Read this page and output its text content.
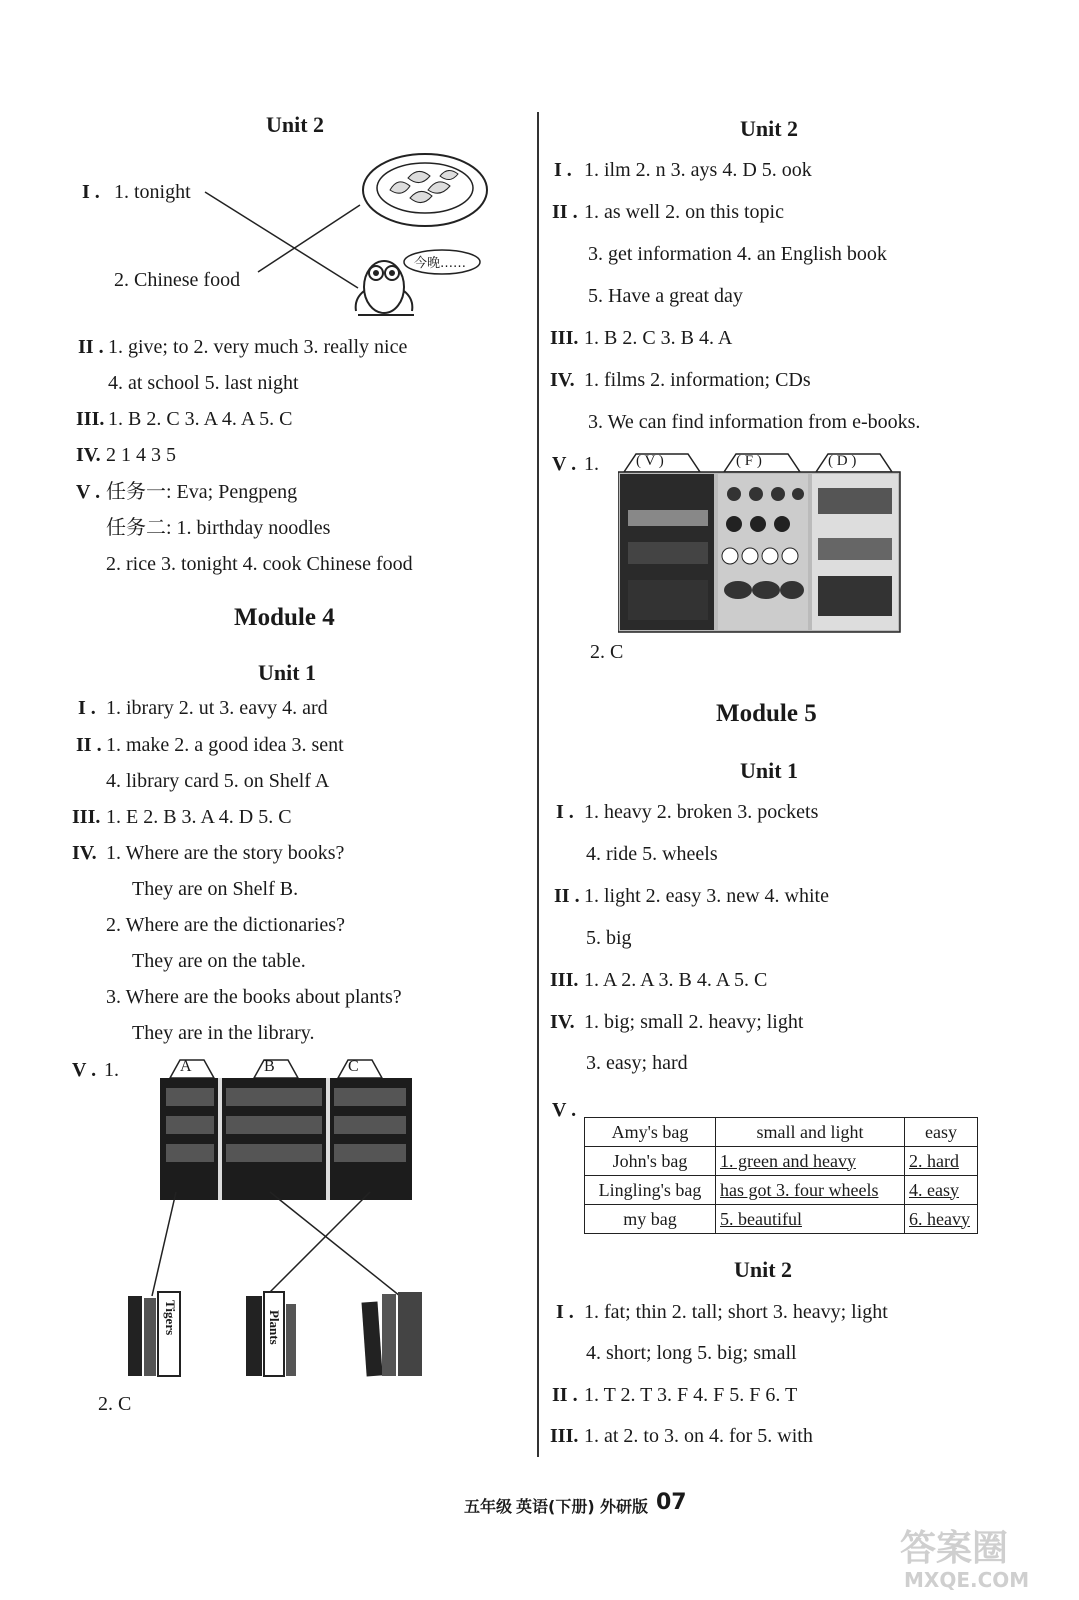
Unit 2
I . 1. tonight
2. Chinese food
今晚……
II . 1. give; to 2. very much 3. really nice
4. at school 5. last night
III. 1. B 2. C 3. A 4. A 5. C
IV. 2 1 4 3 5
V . 任务一: Eva; Pengpeng
任务二: 1. birthday noodles
2. rice 3. tonight 4. cook Chinese food
Module 4
Unit 1
I . 1. ibrary 2. ut 3. eavy 4. ard
II . 1. make 2. a good idea 3. sent
4. library card 5. on Shelf A
III. 1. E 2. B 3. A 4. D 5. C
IV. 1. Where are the story books?
They are on Shelf B.
2. Where are the dictionaries?
They are on the table.
3. Where are the books about plants?
They are in the library.
V . 1.	A	B	C
Tigers	Plants
2. C
Unit 2
I . 1. ilm 2. n 3. ays 4. D 5. ook
II . 1. as well 2. on this topic
3. get information 4. an English book
5. Have a great day
III. 1. B 2. C 3. B 4. A
IV. 1. films 2. information; CDs
3. We can find information from e-books.
V . 1. ( V )	( F )	( D )
2. C
Module 5
Unit 1
I . 1. heavy 2. broken 3. pockets
4. ride 5. wheels
II . 1. light 2. easy 3. new 4. white
5. big
III. 1. A 2. A 3. B 4. A 5. C
IV. 1. big; small 2. heavy; light
3. easy; hard
V .
Amy's bag	small and light	easy
John's bag	1. green and heavy	2. hard
Lingling's bag	has got 3. four wheels	4. easy
my bag	5. beautiful	6. heavy
Unit 2
I . 1. fat; thin 2. tall; short 3. heavy; light
4. short; long 5. big; small
II . 1. T 2. T 3. F 4. F 5. F 6. T
III. 1. at 2. to 3. on 4. for 5. with
五年级 英语(下册) 外研版 07
答案圈
MXQE.COM
